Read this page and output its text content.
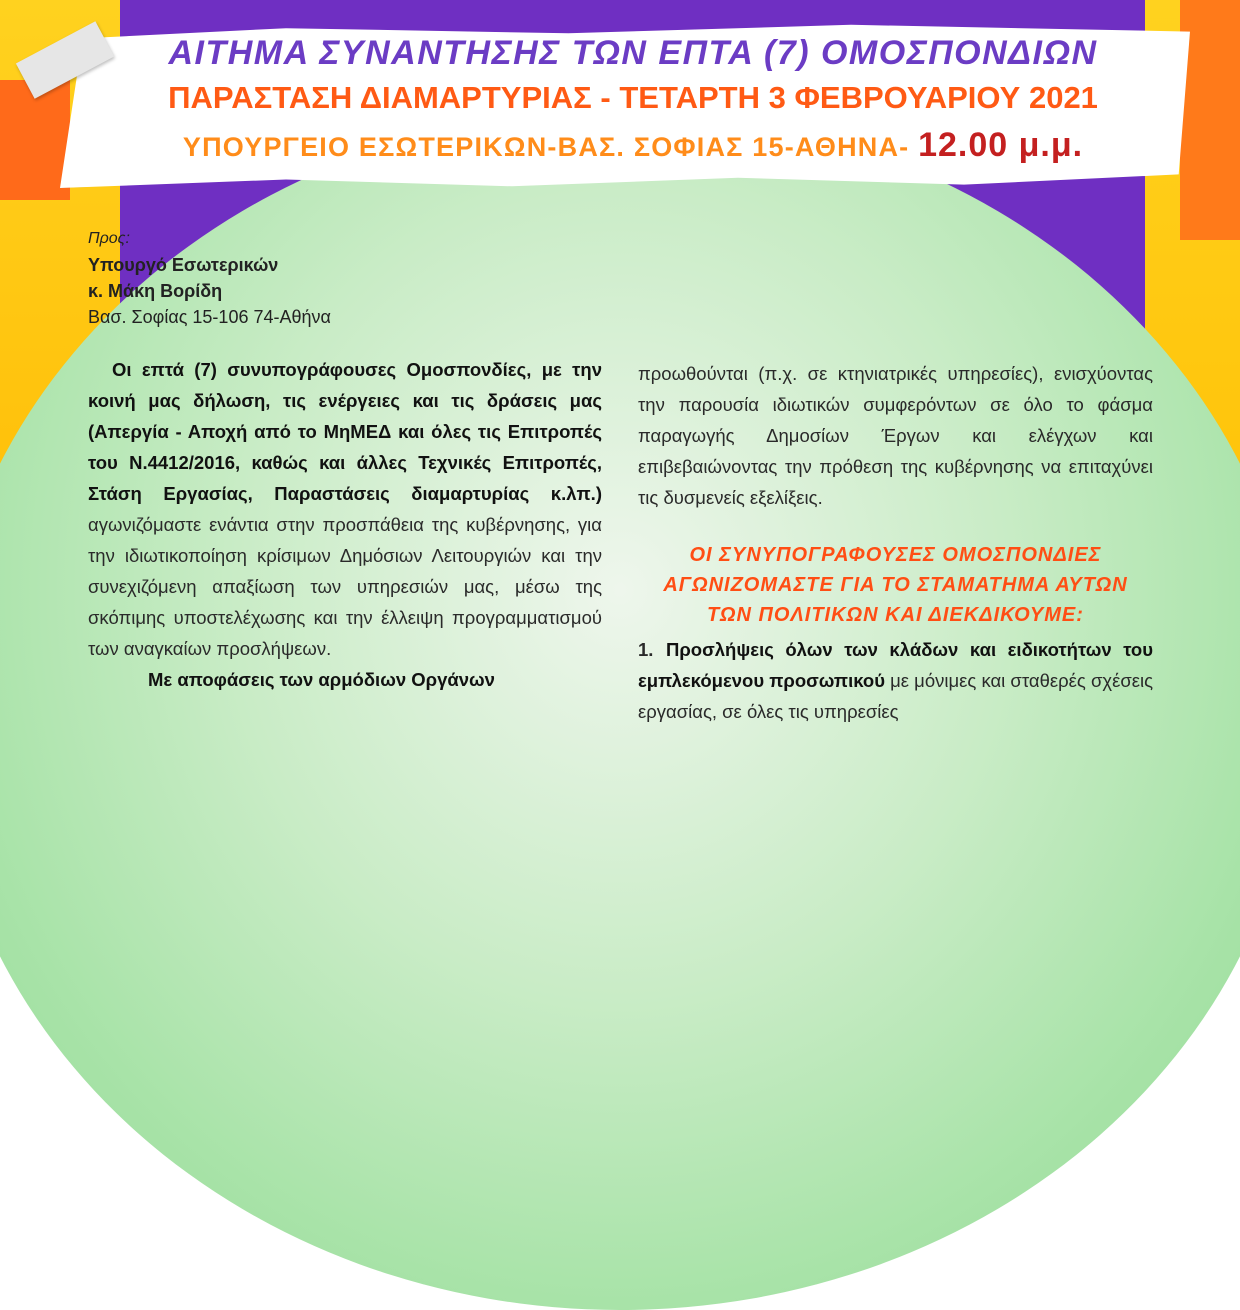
ΑΙΤΗΜΑ ΣΥΝΑΝΤΗΣΗΣ ΤΩΝ ΕΠΤΑ (7) ΟΜΟΣΠΟΝΔΙΩΝ
ΠΑΡΑΣΤΑΣΗ ΔΙΑΜΑΡΤΥΡΙΑΣ - ΤΕΤΑΡΤΗ 3 ΦΕΒΡΟΥΑΡΙΟΥ 2021
ΥΠΟΥΡΓΕΙΟ ΕΣΩΤΕΡΙΚΩΝ-ΒΑΣ. ΣΟΦΙΑΣ 15-ΑΘΗΝΑ- 12.00 μ.μ.
Προς:
Υπουργό Εσωτερικών
κ. Μάκη Βορίδη
Βασ. Σοφίας 15-106 74-Αθήνα

Οι επτά (7) συνυπογράφουσες Ομοσπονδίες, με την κοινή μας δήλωση, τις ενέργειες και τις δράσεις μας (Απεργία - Αποχή από το ΜηΜΕΔ και όλες τις Επιτροπές του Ν.4412/2016, καθώς και άλλες Τεχνικές Επιτροπές, Στάση Εργασίας, Παραστάσεις διαμαρτυρίας κ.λπ.) αγωνιζόμαστε ενάντια στην προσπάθεια της κυβέρνησης, για την ιδιωτικοποίηση κρίσιμων Δημόσιων Λειτουργιών και την συνεχιζόμενη απαξίωση των υπηρεσιών μας, μέσω της σκόπιμης υποστελέχωσης και την έλλειψη προγραμματισμού των αναγκαίων προσλήψεων.

Με αποφάσεις των αρμόδιων Οργάνων

προωθούνται (π.χ. σε κτηνιατρικές υπηρεσίες), ενισχύοντας την παρουσία ιδιωτικών συμφερόντων σε όλο το φάσμα παραγωγής Δημοσίων Έργων και ελέγχων και επιβεβαιώνοντας την πρόθεση της κυβέρνησης να επιταχύνει τις δυσμενείς εξελίξεις.

ΟΙ ΣΥΝΥΠΟΓΡΑΦΟΥΣΕΣ ΟΜΟΣΠΟΝΔΙΕΣ
ΑΓΩΝΙΖΟΜΑΣΤΕ ΓΙΑ ΤΟ ΣΤΑΜΑΤΗΜΑ ΑΥΤΩΝ
ΤΩΝ ΠΟΛΙΤΙΚΩΝ ΚΑΙ ΔΙΕΚΔΙΚΟΥΜΕ:
1. Προσλήψεις όλων των κλάδων και ειδικοτήτων του εμπλεκόμενου προσωπικού με μόνιμες και σταθερές σχέσεις εργασίας, σε όλες τις υπηρεσίες
